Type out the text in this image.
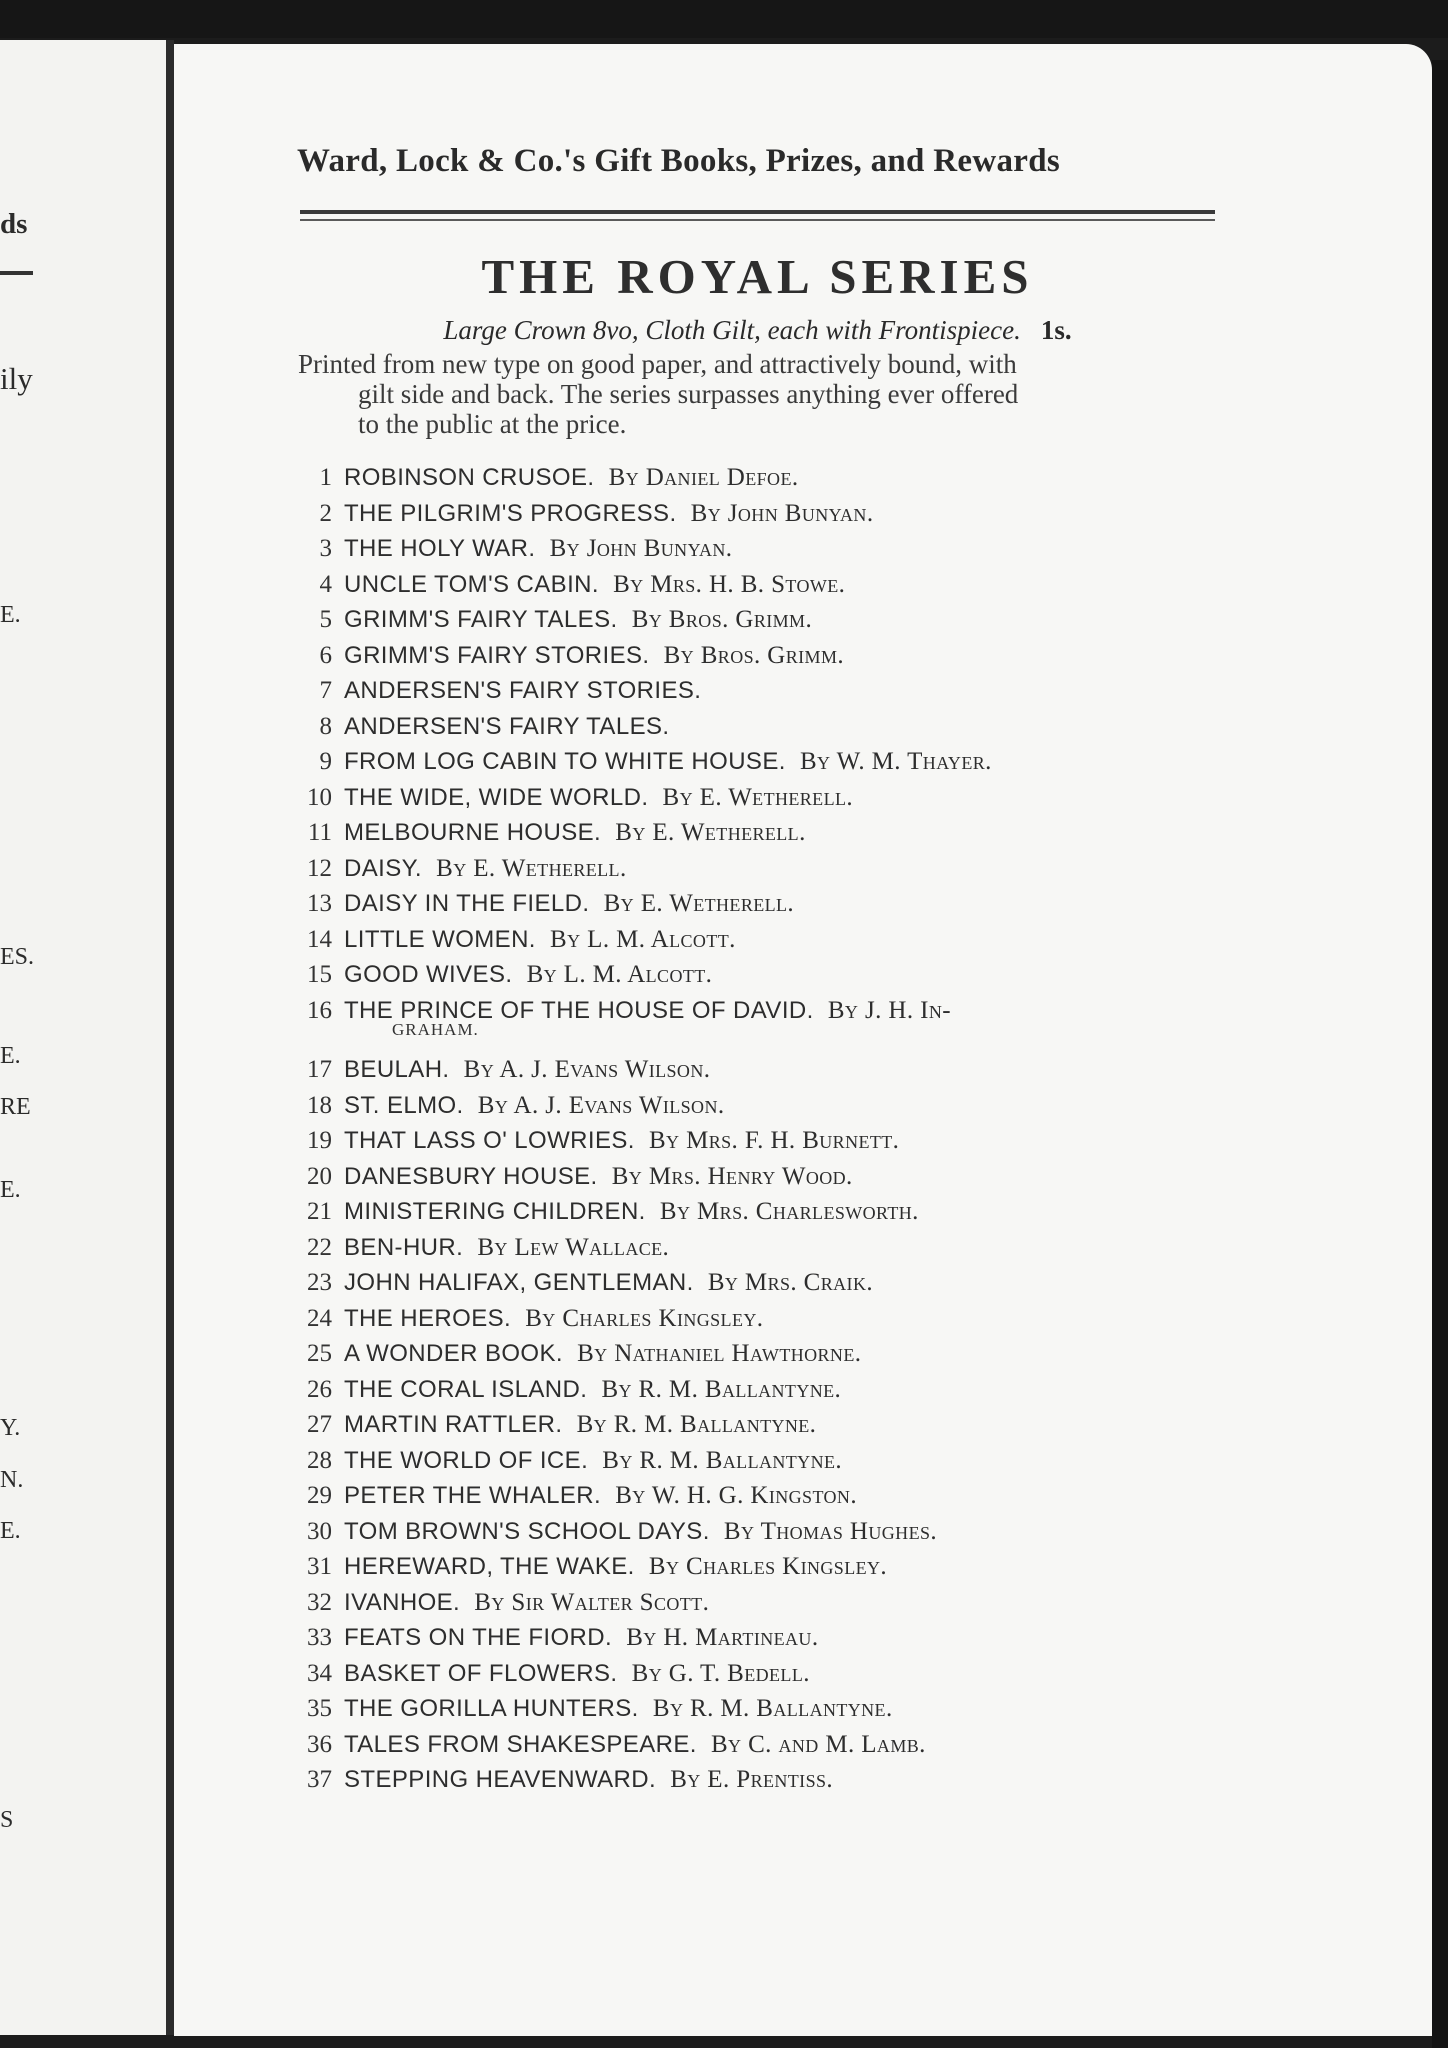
ds
ily
E.
ES.
E.
RE
E.
Y.
N.
E.
S
Ward, Lock & Co.'s Gift Books, Prizes, and Rewards
THE ROYAL SERIES
Large Crown 8vo, Cloth Gilt, each with Frontispiece. 1s.
Printed from new type on good paper, and attractively bound, with
gilt side and back. The series surpasses anything ever offered
to the public at the price.
1 ROBINSON CRUSOE. By Daniel Defoe.
2 THE PILGRIM'S PROGRESS. By John Bunyan.
3 THE HOLY WAR. By John Bunyan.
4 UNCLE TOM'S CABIN. By Mrs. H. B. Stowe.
5 GRIMM'S FAIRY TALES. By Bros. Grimm.
6 GRIMM'S FAIRY STORIES. By Bros. Grimm.
7 ANDERSEN'S FAIRY STORIES.
8 ANDERSEN'S FAIRY TALES.
9 FROM LOG CABIN TO WHITE HOUSE. By W. M. Thayer.
10 THE WIDE, WIDE WORLD. By E. Wetherell.
11 MELBOURNE HOUSE. By E. Wetherell.
12 DAISY. By E. Wetherell.
13 DAISY IN THE FIELD. By E. Wetherell.
14 LITTLE WOMEN. By L. M. Alcott.
15 GOOD WIVES. By L. M. Alcott.
16 THE PRINCE OF THE HOUSE OF DAVID. By J. H. In-
GRAHAM.
17 BEULAH. By A. J. Evans Wilson.
18 ST. ELMO. By A. J. Evans Wilson.
19 THAT LASS O' LOWRIES. By Mrs. F. H. Burnett.
20 DANESBURY HOUSE. By Mrs. Henry Wood.
21 MINISTERING CHILDREN. By Mrs. Charlesworth.
22 BEN-HUR. By Lew Wallace.
23 JOHN HALIFAX, GENTLEMAN. By Mrs. Craik.
24 THE HEROES. By Charles Kingsley.
25 A WONDER BOOK. By Nathaniel Hawthorne.
26 THE CORAL ISLAND. By R. M. Ballantyne.
27 MARTIN RATTLER. By R. M. Ballantyne.
28 THE WORLD OF ICE. By R. M. Ballantyne.
29 PETER THE WHALER. By W. H. G. Kingston.
30 TOM BROWN'S SCHOOL DAYS. By Thomas Hughes.
31 HEREWARD, THE WAKE. By Charles Kingsley.
32 IVANHOE. By Sir Walter Scott.
33 FEATS ON THE FIORD. By H. Martineau.
34 BASKET OF FLOWERS. By G. T. Bedell.
35 THE GORILLA HUNTERS. By R. M. Ballantyne.
36 TALES FROM SHAKESPEARE. By C. and M. Lamb.
37 STEPPING HEAVENWARD. By E. Prentiss.
